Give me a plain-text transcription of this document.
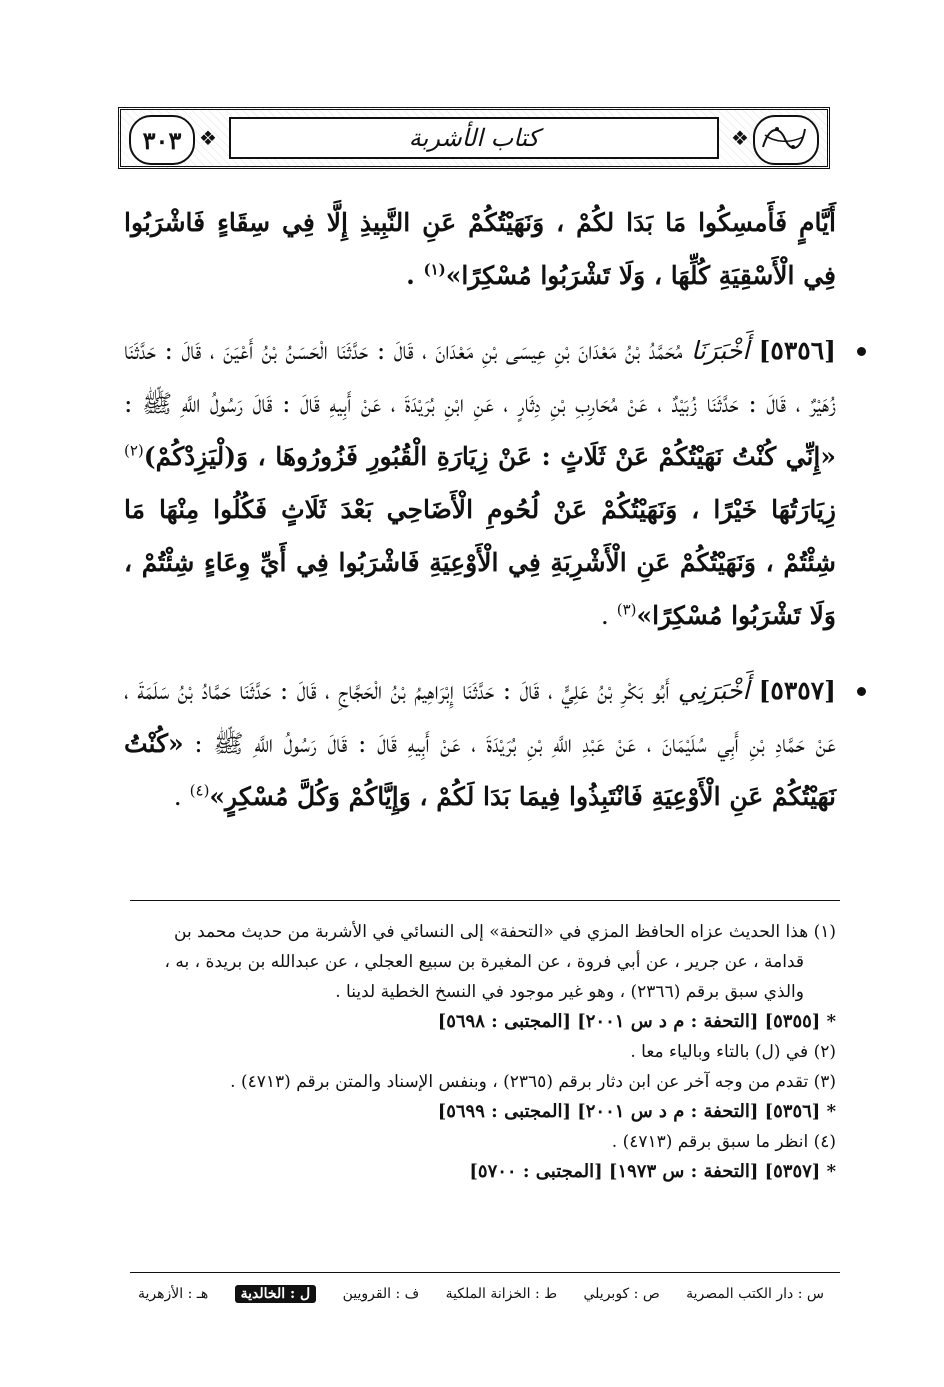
٣٠٣ ❖	كتاب الأشربة	❖

أَيَّامٍ فَأَمسِكُوا مَا بَدَا لكُمْ ، وَنَهَيْتُكُمْ عَنِ النَّبِيذِ إِلَّا فِي سِقَاءٍ فَاشْرَبُوا فِي الْأَسْقِيَةِ كُلِّهَا ، وَلَا تَشْرَبُوا مُسْكِرًا»$^{(١)}$ .

[٥٣٥٦] أَخْبَرَنَا مُحَمَّدُ بْنُ مَعْدَانَ بْنِ عِيسَى بْنِ مَعْدَانَ ، قَالَ : حَدَّثَنَا الْحَسَنُ بْنُ أَعْيَنَ ، قَالَ : حَدَّثَنَا زُهَيْرٌ ، قَالَ : حَدَّثَنَا زُبَيْدٌ ، عَنْ مُحَارِبِ بْنِ دِثَارٍ ، عَنِ ابْنِ بُرَيْدَةَ ، عَنْ أَبِيهِ قَالَ : قَالَ رَسُولُ اللَّهِ ﷺ : «إِنِّي كُنْتُ نَهَيْتُكُمْ عَنْ ثَلَاثٍ : عَنْ زِيَارَةِ الْقُبُورِ فَزُورُوهَا ، وَ(لْيَزِدْكُمْ)$^{(٢)}$ زِيَارَتُهَا خَيْرًا ، وَنَهَيْتُكُمْ عَنْ لُحُومِ الْأَضَاحِي بَعْدَ ثَلَاثٍ فَكُلُوا مِنْهَا مَا شِئْتُمْ ، وَنَهَيْتُكُمْ عَنِ الْأَشْرِبَةِ فِي الْأَوْعِيَةِ فَاشْرَبُوا فِي أَيِّ وِعَاءٍ شِئْتُمْ ، وَلَا تَشْرَبُوا مُسْكِرًا»$^{(٣)}$ .

[٥٣٥٧] أَخْبَرَنِي أَبُو بَكْرِ بْنُ عَلِيٍّ ، قَالَ : حَدَّثَنَا إِبْرَاهِيمُ بْنُ الْحَجَّاجِ ، قَالَ : حَدَّثَنَا حَمَّادُ بْنُ سَلَمَةَ ، عَنْ حَمَّادِ بْنِ أَبِي سُلَيْمَانَ ، عَنْ عَبْدِ اللَّهِ بْنِ بُرَيْدَةَ ، عَنْ أَبِيهِ قَالَ : قَالَ رَسُولُ اللَّهِ ﷺ : «كُنْتُ نَهَيْتُكُمْ عَنِ الْأَوْعِيَةِ فَانْتَبِذُوا فِيمَا بَدَا لَكُمْ ، وَإِيَّاكُمْ وَكُلَّ مُسْكِرٍ»$^{(٤)}$ .

(١) هذا الحديث عزاه الحافظ المزي في «التحفة» إلى النسائي في الأشربة من حديث محمد بن
قدامة ، عن جرير ، عن أبي فروة ، عن المغيرة بن سبيع العجلي ، عن عبدالله بن بريدة ، به ،
والذي سبق برقم (٢٣٦٦) ، وهو غير موجود في النسخ الخطية لدينا .
* [٥٣٥٥] [التحفة : م د س ٢٠٠١] [المجتبى : ٥٦٩٨]
(٢) في (ل) بالتاء وبالياء معا .
(٣) تقدم من وجه آخر عن ابن دثار برقم (٢٣٦٥) ، وبنفس الإسناد والمتن برقم (٤٧١٣) .
* [٥٣٥٦] [التحفة : م د س ٢٠٠١] [المجتبى : ٥٦٩٩]
(٤) انظر ما سبق برقم (٤٧١٣) .
* [٥٣٥٧] [التحفة : س ١٩٧٣] [المجتبى : ٥٧٠٠]
س : دار الكتب المصرية
ص : كوبريلي
ط : الخزانة الملكية
ف : القرويين
ل : الخالدية
هـ : الأزهرية
